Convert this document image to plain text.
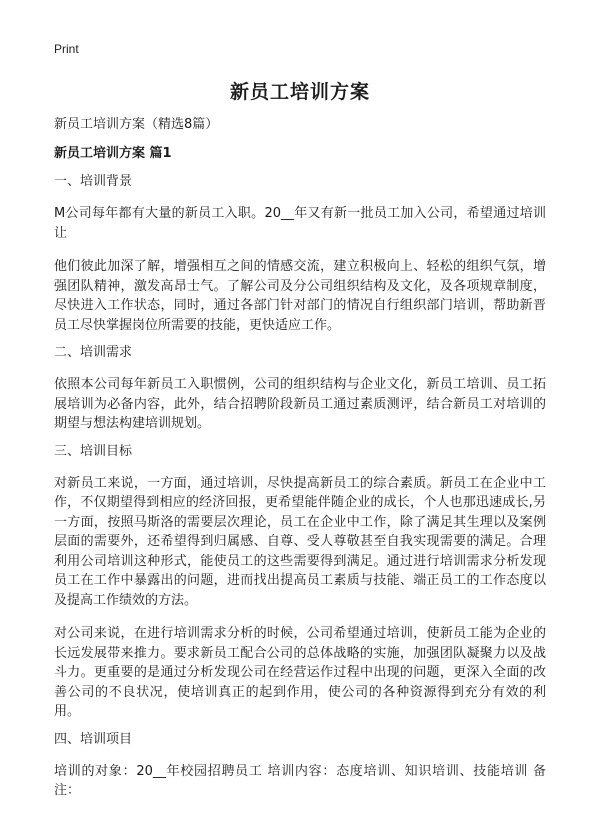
Print
新员工培训方案
新员工培训方案（精选8篇）
新员工培训方案 篇1
一、培训背景

M公司每年都有大量的新员工入职。20__年又有新一批员工加入公司，希望通过培训让

他们彼此加深了解，增强相互之间的情感交流，建立积极向上、轻松的组织气氛，增强团队精神，激发高昂士气。了解公司及分公司组织结构及文化，及各项规章制度，尽快进入工作状态，同时，通过各部门针对部门的情况自行组织部门培训，帮助新晋员工尽快掌握岗位所需要的技能，更快适应工作。

二、培训需求

依照本公司每年新员工入职惯例，公司的组织结构与企业文化，新员工培训、员工拓展培训为必备内容，此外，结合招聘阶段新员工通过素质测评，结合新员工对培训的期望与想法构建培训规划。

三、培训目标

对新员工来说，一方面，通过培训，尽快提高新员工的综合素质。新员工在企业中工作，不仅期望得到相应的经济回报，更希望能伴随企业的成长，个人也那迅速成长,另一方面，按照马斯洛的需要层次理论，员工在企业中工作，除了满足其生理以及案例层面的需要外，还希望得到归属感、自尊、受人尊敬甚至自我实现需要的满足。合理利用公司培训这种形式，能使员工的这些需要得到满足。通过进行培训需求分析发现员工在工作中暴露出的问题，进而找出提高员工素质与技能、端正员工的工作态度以及提高工作绩效的方法。

对公司来说，在进行培训需求分析的时候，公司希望通过培训，使新员工能为企业的长远发展带来推力。要求新员工配合公司的总体战略的实施，加强团队凝聚力以及战斗力。更重要的是通过分析发现公司在经营运作过程中出现的问题，更深入全面的改善公司的不良状况，使培训真正的起到作用，使公司的各种资源得到充分有效的利用。

四、培训项目

培训的对象：20__年校园招聘员工 培训内容：态度培训、知识培训、技能培训 备注：
